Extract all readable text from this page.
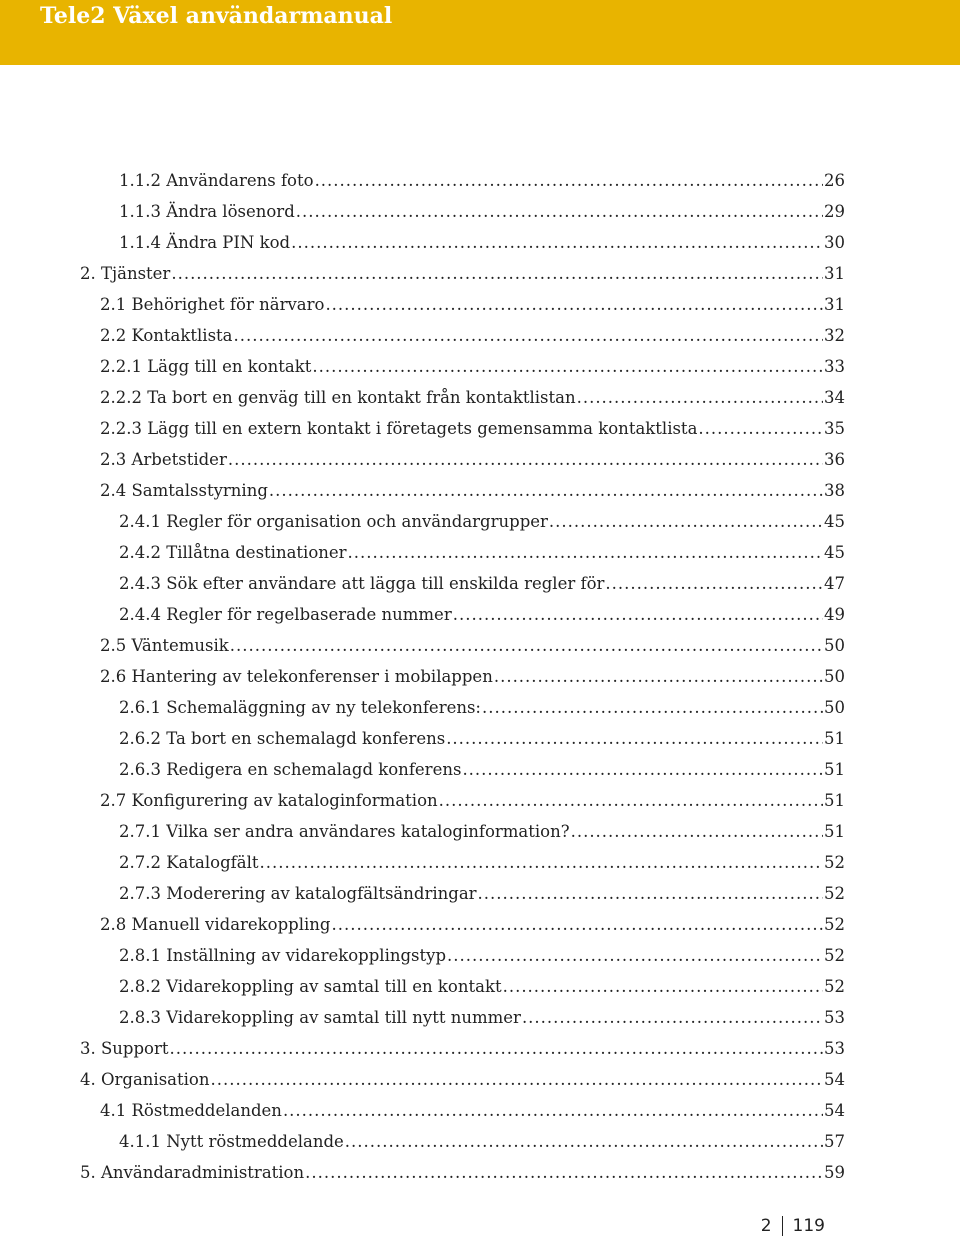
Tele2 Växel användarmanual
1.1.2 Användarens foto .....	26
1.1.3 Ändra lösenord .....	29
1.1.4 Ändra PIN kod .....	30
2. Tjänster .....	31
2.1 Behörighet för närvaro .....	31
2.2 Kontaktlista .....	32
2.2.1 Lägg till en kontakt .....	33
2.2.2 Ta bort en genväg till en kontakt från kontaktlistan .....	34
2.2.3 Lägg till en extern kontakt i företagets gemensamma kontaktlista .....	35
2.3 Arbetstider .....	36
2.4 Samtalsstyrning .....	38
2.4.1 Regler för organisation och användargrupper .....	45
2.4.2 Tillåtna destinationer .....	45
2.4.3 Sök efter användare att lägga till enskilda regler för .....	47
2.4.4 Regler för regelbaserade nummer .....	49
2.5 Väntemusik .....	50
2.6 Hantering av telekonferenser i mobilappen .....	50
2.6.1 Schemaläggning av ny telekonferens: .....	50
2.6.2 Ta bort en schemalagd konferens .....	51
2.6.3 Redigera en schemalagd konferens .....	51
2.7 Konfigurering av kataloginformation .....	51
2.7.1 Vilka ser andra användares kataloginformation? .....	51
2.7.2 Katalogfält .....	52
2.7.3 Moderering av katalogfältsändringar .....	52
2.8 Manuell vidarekoppling .....	52
2.8.1 Inställning av vidarekopplingstyp .....	52
2.8.2 Vidarekoppling av samtal till en kontakt .....	52
2.8.3 Vidarekoppling av samtal till nytt nummer .....	53
3. Support .....	53
4. Organisation .....	54
4.1 Röstmeddelanden .....	54
4.1.1 Nytt röstmeddelande .....	57
5. Användaradministration .....	59
2 119
